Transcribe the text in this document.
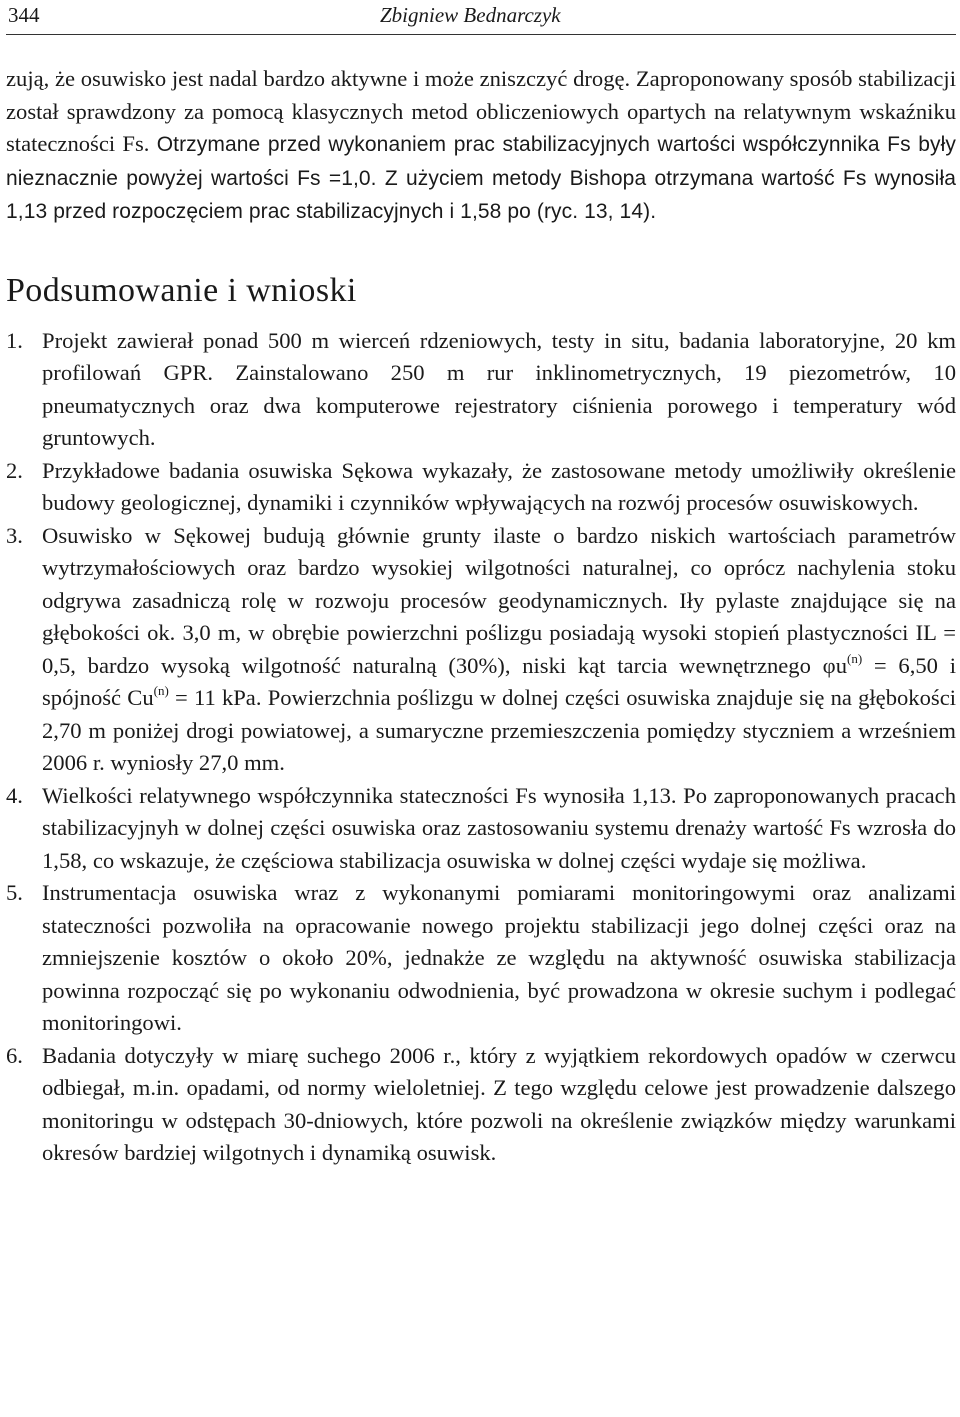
344	Zbigniew Bednarczyk

zują, że osuwisko jest nadal bardzo aktywne i może zniszczyć drogę. Zaproponowany sposób stabilizacji został sprawdzony za pomocą klasycznych metod obliczeniowych opartych na relatywnym wskaźniku stateczności Fs. Otrzymane przed wykonaniem prac stabilizacyjnych wartości współczynnika Fs były nieznacznie powyżej wartości Fs =1,0. Z użyciem metody Bishopa otrzymana wartość Fs wynosiła 1,13 przed rozpoczęciem prac stabilizacyjnych i 1,58 po (ryc. 13, 14).

Podsumowanie i wnioski
1. Projekt zawierał ponad 500 m wierceń rdzeniowych, testy in situ, badania laboratoryjne, 20 km profilowań GPR. Zainstalowano 250 m rur inklinometrycznych, 19 piezometrów, 10 pneumatycznych oraz dwa komputerowe rejestratory ciśnienia porowego i temperatury wód gruntowych.
2. Przykładowe badania osuwiska Sękowa wykazały, że zastosowane metody umożliwiły określenie budowy geologicznej, dynamiki i czynników wpływających na rozwój procesów osuwiskowych.
3. Osuwisko w Sękowej budują głównie grunty ilaste o bardzo niskich wartościach parametrów wytrzymałościowych oraz bardzo wysokiej wilgotności naturalnej, co oprócz nachylenia stoku odgrywa zasadniczą rolę w rozwoju procesów geodynamicznych. Iły pylaste znajdujące się na głębokości ok. 3,0 m, w obrębie powierzchni poślizgu posiadają wysoki stopień plastyczności IL = 0,5, bardzo wysoką wilgotność naturalną (30%), niski kąt tarcia wewnętrznego $\varphi u^{(n)} = 6,50$ i spójność $Cu^{(n)} = 11$ kPa. Powierzchnia poślizgu w dolnej części osuwiska znajduje się na głębokości 2,70 m poniżej drogi powiatowej, a sumaryczne przemieszczenia pomiędzy styczniem a wrześniem 2006 r. wyniosły 27,0 mm.
4. Wielkości relatywnego współczynnika stateczności Fs wynosiła 1,13. Po zaproponowanych pracach stabilizacyjnyh w dolnej części osuwiska oraz zastosowaniu systemu drenaży wartość Fs wzrosła do 1,58, co wskazuje, że częściowa stabilizacja osuwiska w dolnej części wydaje się możliwa.
5. Instrumentacja osuwiska wraz z wykonanymi pomiarami monitoringowymi oraz analizami stateczności pozwoliła na opracowanie nowego projektu stabilizacji jego dolnej części oraz na zmniejszenie kosztów o około 20%, jednakże ze względu na aktywność osuwiska stabilizacja powinna rozpocząć się po wykonaniu odwodnienia, być prowadzona w okresie suchym i podlegać monitoringowi.
6. Badania dotyczyły w miarę suchego 2006 r., który z wyjątkiem rekordowych opadów w czerwcu odbiegał, m.in. opadami, od normy wieloletniej. Z tego względu celowe jest prowadzenie dalszego monitoringu w odstępach 30-dniowych, które pozwoli na określenie związków między warunkami okresów bardziej wilgotnych i dynamiką osuwisk.
